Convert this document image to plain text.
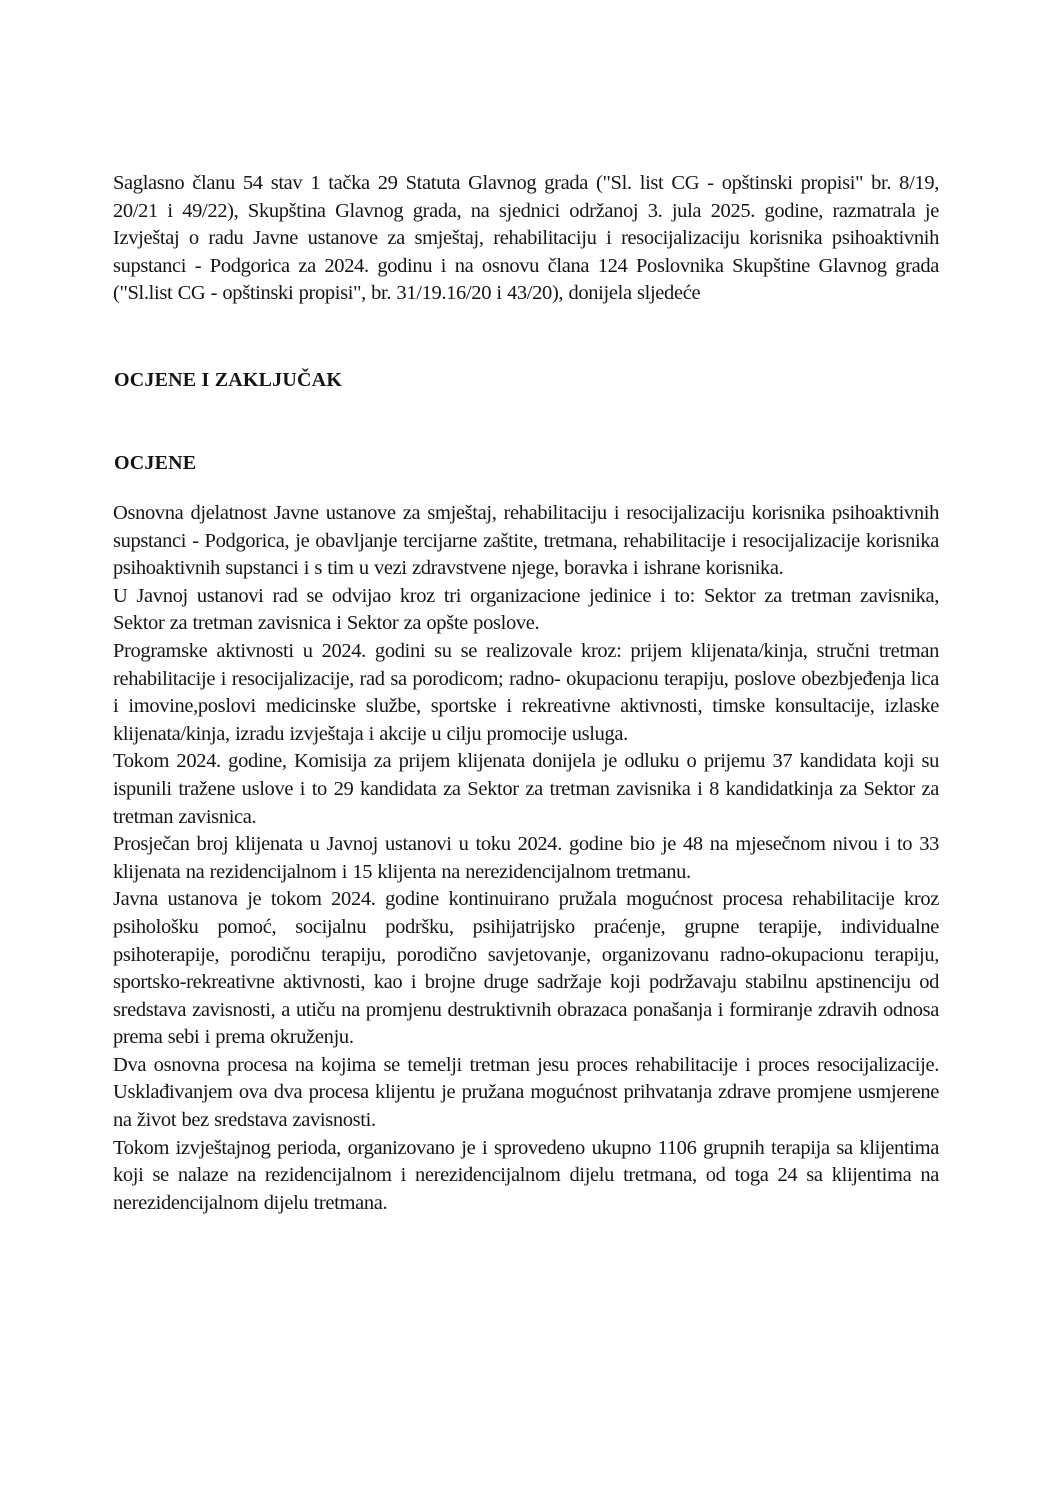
Saglasno članu 54 stav 1 tačka 29 Statuta Glavnog grada ("Sl. list CG - opštinski propisi" br. 8/19, 20/21 i 49/22), Skupština Glavnog grada, na sjednici održanoj 3. jula 2025. godine, razmatrala je Izvještaj o radu Javne ustanove za smještaj, rehabilitaciju i resocijalizaciju korisnika psihoaktivnih supstanci - Podgorica za 2024. godinu i na osnovu člana 124 Poslovnika Skupštine Glavnog grada ("Sl.list CG - opštinski propisi", br. 31/19.16/20 i 43/20), donijela sljedeće

OCJENE I ZAKLJUČAK
OCJENE

Osnovna djelatnost Javne ustanove za smještaj, rehabilitaciju i resocijalizaciju korisnika psihoaktivnih supstanci - Podgorica, je obavljanje tercijarne zaštite, tretmana, rehabilitacije i resocijalizacije korisnika psihoaktivnih supstanci i s tim u vezi zdravstvene njege, boravka i ishrane korisnika.

U Javnoj ustanovi rad se odvijao kroz tri organizacione jedinice i to: Sektor za tretman zavisnika, Sektor za tretman zavisnica i Sektor za opšte poslove.

Programske aktivnosti u 2024. godini su se realizovale kroz: prijem klijenata/kinja, stručni tretman rehabilitacije i resocijalizacije, rad sa porodicom; radno- okupacionu terapiju, poslove obezbjeđenja lica i imovine,poslovi medicinske službe, sportske i rekreativne aktivnosti, timske konsultacije, izlaske klijenata/kinja, izradu izvještaja i akcije u cilju promocije usluga.

Tokom 2024. godine, Komisija za prijem klijenata donijela je odluku o prijemu 37 kandidata koji su ispunili tražene uslove i to 29 kandidata za Sektor za tretman zavisnika i 8 kandidatkinja za Sektor za tretman zavisnica.

Prosječan broj klijenata u Javnoj ustanovi u toku 2024. godine bio je 48 na mjesečnom nivou i to 33 klijenata na rezidencijalnom i 15 klijenta na nerezidencijalnom tretmanu.

Javna ustanova je tokom 2024. godine kontinuirano pružala mogućnost procesa rehabilitacije kroz psihološku pomoć, socijalnu podršku, psihijatrijsko praćenje, grupne terapije, individualne psihoterapije, porodičnu terapiju, porodično savjetovanje, organizovanu radno-okupacionu terapiju, sportsko-rekreativne aktivnosti, kao i brojne druge sadržaje koji podržavaju stabilnu apstinenciju od sredstava zavisnosti, a utiču na promjenu destruktivnih obrazaca ponašanja i formiranje zdravih odnosa prema sebi i prema okruženju.

Dva osnovna procesa na kojima se temelji tretman jesu proces rehabilitacije i proces resocijalizacije. Usklađivanjem ova dva procesa klijentu je pružana mogućnost prihvatanja zdrave promjene usmjerene na život bez sredstava zavisnosti.

Tokom izvještajnog perioda, organizovano je i sprovedeno ukupno 1106 grupnih terapija sa klijentima koji se nalaze na rezidencijalnom i nerezidencijalnom dijelu tretmana, od toga 24 sa klijentima na nerezidencijalnom dijelu tretmana.
